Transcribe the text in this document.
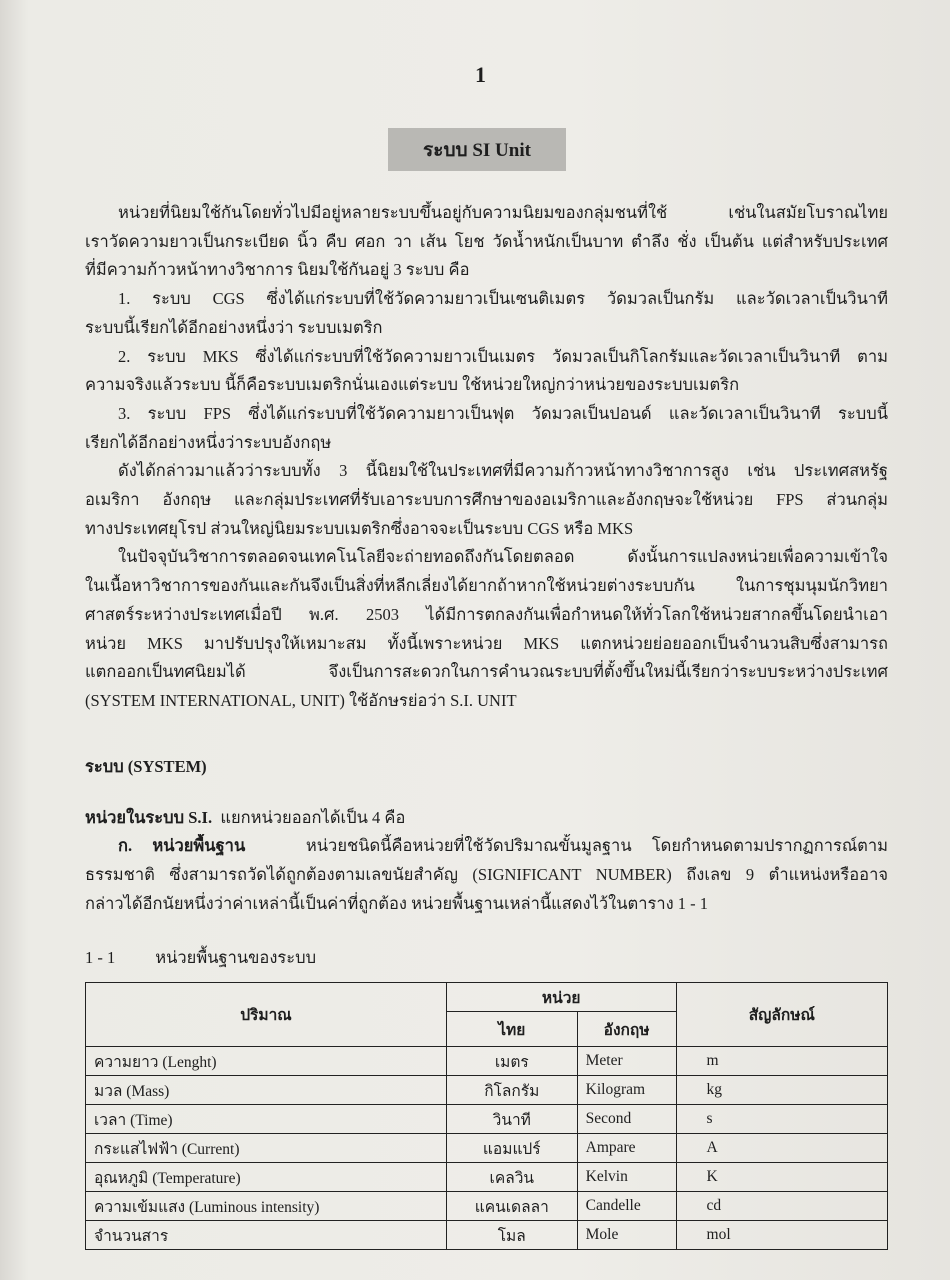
1
ระบบ SI Unit
หน่วยที่นิยมใช้กันโดยทั่วไปมีอยู่หลายระบบขึ้นอยู่กับความนิยมของกลุ่มชนที่ใช้ เช่นในสมัยโบราณไทย
เราวัดความยาวเป็นกระเบียด นิ้ว คืบ ศอก วา เส้น โยช วัดน้ำหนักเป็นบาท ตำลึง ชั่ง เป็นต้น แต่สำหรับประเทศ
ที่มีความก้าวหน้าทางวิชาการ นิยมใช้กันอยู่ 3 ระบบ คือ
1. ระบบ CGS ซึ่งได้แก่ระบบที่ใช้วัดความยาวเป็นเซนติเมตร วัดมวลเป็นกรัม และวัดเวลาเป็นวินาที
ระบบนี้เรียกได้อีกอย่างหนึ่งว่า ระบบเมตริก
2. ระบบ MKS ซึ่งได้แก่ระบบที่ใช้วัดความยาวเป็นเมตร วัดมวลเป็นกิโลกรัมและวัดเวลาเป็นวินาที ตาม
ความจริงแล้วระบบ นี้ก็คือระบบเมตริกนั่นเองแต่ระบบ ใช้หน่วยใหญ่กว่าหน่วยของระบบเมตริก
3. ระบบ FPS ซึ่งได้แก่ระบบที่ใช้วัดความยาวเป็นฟุต วัดมวลเป็นปอนด์ และวัดเวลาเป็นวินาที ระบบนี้
เรียกได้อีกอย่างหนึ่งว่าระบบอังกฤษ
ดังได้กล่าวมาแล้วว่าระบบทั้ง 3 นี้นิยมใช้ในประเทศที่มีความก้าวหน้าทางวิชาการสูง เช่น ประเทศสหรัฐ
อเมริกา อังกฤษ และกลุ่มประเทศที่รับเอาระบบการศึกษาของอเมริกาและอังกฤษจะใช้หน่วย FPS ส่วนกลุ่ม
ทางประเทศยุโรป ส่วนใหญ่นิยมระบบเมตริกซึ่งอาจจะเป็นระบบ CGS หรือ MKS
ในปัจจุบันวิชาการตลอดจนเทคโนโลยีจะถ่ายทอดถึงกันโดยตลอด ดังนั้นการแปลงหน่วยเพื่อความเข้าใจ
ในเนื้อหาวิชาการของกันและกันจึงเป็นสิ่งที่หลีกเลี่ยงได้ยากถ้าหากใช้หน่วยต่างระบบกัน ในการชุมนุมนักวิทยา
ศาสตร์ระหว่างประเทศเมื่อปี พ.ศ. 2503 ได้มีการตกลงกันเพื่อกำหนดให้ทั่วโลกใช้หน่วยสากลขึ้นโดยนำเอา
หน่วย MKS มาปรับปรุงให้เหมาะสม ทั้งนี้เพราะหน่วย MKS แตกหน่วยย่อยออกเป็นจำนวนสิบซึ่งสามารถ
แตกออกเป็นทศนิยมได้ จึงเป็นการสะดวกในการคำนวณระบบที่ตั้งขึ้นใหม่นี้เรียกว่าระบบระหว่างประเทศ
(SYSTEM INTERNATIONAL, UNIT) ใช้อักษรย่อว่า S.I. UNIT
ระบบ (SYSTEM)
หน่วยในระบบ S.I. แยกหน่วยออกได้เป็น 4 คือ
ก. หน่วยพื้นฐาน	หน่วยชนิดนี้คือหน่วยที่ใช้วัดปริมาณขั้นมูลฐาน โดยกำหนดตามปรากฏการณ์ตาม
ธรรมชาติ ซึ่งสามารถวัดได้ถูกต้องตามเลขนัยสำคัญ (SIGNIFICANT NUMBER) ถึงเลข 9 ตำแหน่งหรืออาจ
กล่าวได้อีกนัยหนึ่งว่าค่าเหล่านี้เป็นค่าที่ถูกต้อง หน่วยพื้นฐานเหล่านี้แสดงไว้ในตาราง 1 - 1
1 - 1 หน่วยพื้นฐานของระบบ
ปริมาณ	หน่วย		สัญลักษณ์
	ไทย	อังกฤษ	
ความยาว (Lenght)	เมตร	Meter	m
มวล (Mass)	กิโลกรัม	Kilogram	kg
เวลา (Time)	วินาที	Second	s
กระแสไฟฟ้า (Current)	แอมแปร์	Ampare	A
อุณหภูมิ (Temperature)	เคลวิน	Kelvin	K
ความเข้มแสง (Luminous intensity)	แคนเดลลา	Candelle	cd
จำนวนสาร	โมล	Mole	mol
